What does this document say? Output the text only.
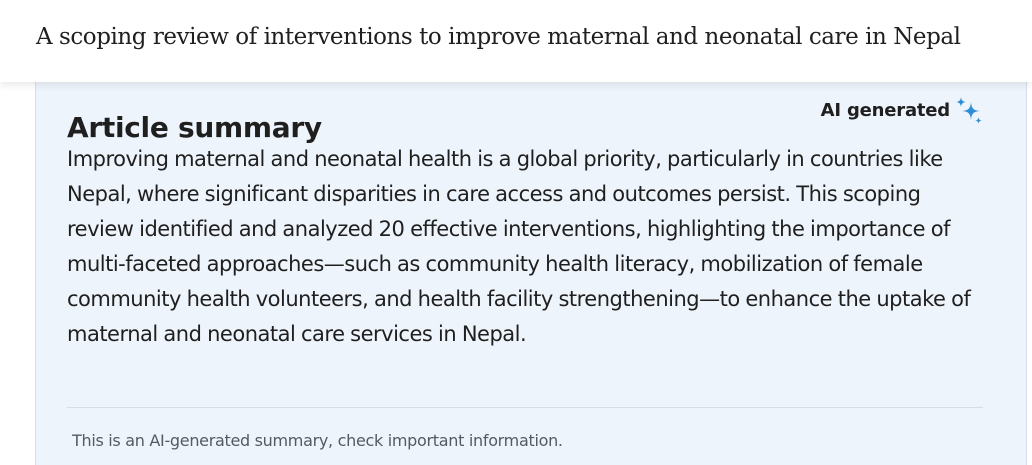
A scoping review of interventions to improve maternal and neonatal care in Nepal
Article summary
AI generated

Improving maternal and neonatal health is a global priority, particularly in countries like Nepal, where significant disparities in care access and outcomes persist. This scoping review identified and analyzed 20 effective interventions, highlighting the importance of multi-faceted approaches—such as community health literacy, mobilization of female community health volunteers, and health facility strengthening—to enhance the uptake of maternal and neonatal care services in Nepal.

This is an AI-generated summary, check important information.
